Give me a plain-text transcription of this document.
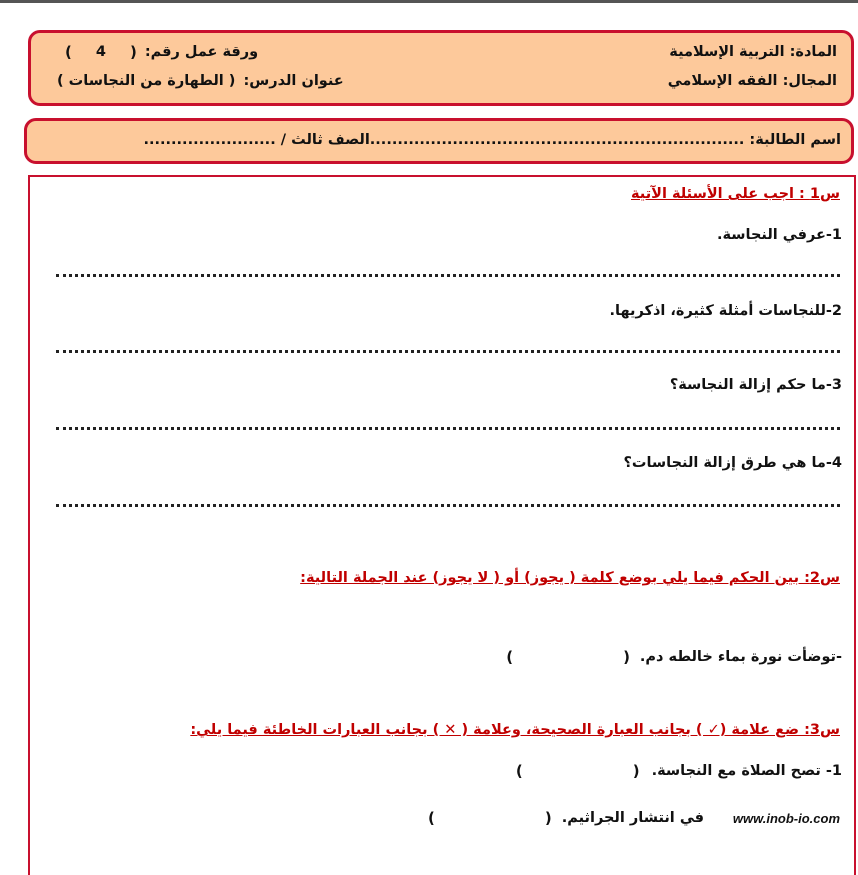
المادة: التربية الإسلامية
ورقة عمل رقم:
(
4
)
المجال: الفقه الإسلامي
عنوان الدرس:
( الطهارة من النجاسات )
اسم الطالبة: ....................................................................الصف ثالث / ........................
س1 : اجب على الأسئلة الآتية
1-عرفي النجاسة.
2-للنجاسات أمثلة كثيرة، اذكريها.
3-ما حكم إزالة النجاسة؟
4-ما هي طرق إزالة النجاسات؟
س2: بين الحكم فيما يلي بوضع كلمة ( يجوز) أو ( لا يجوز) عند الجملة التالية:
-توضأت نورة بماء خالطه دم.
(
)
س3: ضع علامة (✓ ) بجانب العبارة الصحيحة، وعلامة ( ✕ ) بجانب العبارات الخاطئة فيما يلي:
1- تصح الصلاة مع النجاسة.
(
)
في انتشار الجراثيم.
(
)	www.inob-io.com
